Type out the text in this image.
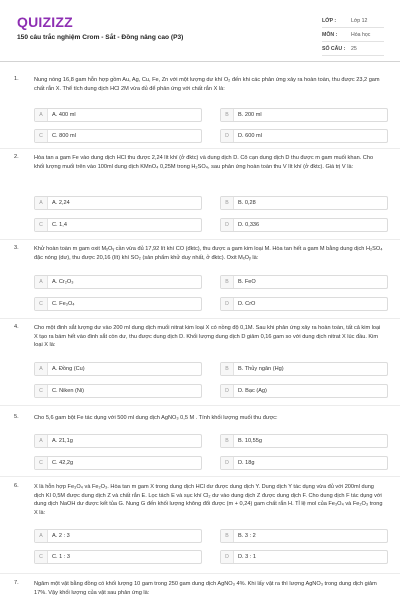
QUIZIZZ
150 câu trắc nghiệm Crom - Sắt - Đồng nâng cao (P3)
LỚP :	Lớp 12
MÔN :	Hóa học
SỐ CÂU :	25
1.	Nung nóng 16,8 gam hỗn hợp gồm Au, Ag, Cu, Fe, Zn với một lượng dư khí O₂ đến khi các phản ứng xảy ra hoàn toàn, thu được 23,2 gam chất rắn X. Thể tích dung dịch HCl 2M vừa đủ để phản ứng với chất rắn X là:
A	A. 400 ml	B	B. 200 ml
C	C. 800 ml	D	D. 600 ml
2.	Hòa tan a gam Fe vào dung dịch HCl thu được 2,24 lít khí (ở đktc) và dung dịch D. Cô cạn dung dịch D thu được m gam muối khan. Cho khối lượng muối trên vào 100ml dung dịch KMnO₄ 0,25M trong H₂SO₄, sau phản ứng hoàn toàn thu V lít khí (ở đktc). Giá trị V là:
A	A. 2,24	B	B. 0,28
C	C. 1,4	D	D. 0,336
3.	Khử hoàn toàn m gam oxit MₓOᵧ cần vừa đủ 17,92 lít khí CO (đktc), thu được a gam kim loại M. Hòa tan hết a gam M bằng dung dịch H₂SO₄ đặc nóng (dư), thu được 20,16 (lít) khí SO₂ (sản phẩm khử duy nhất, ở đktc). Oxit MₓOᵧ là:
A	A. Cr₂O₃	B	B. FeO
C	C. Fe₃O₄	D	D. CrO
4.	Cho một đinh sắt lượng dư vào 200 ml dung dịch muối nitrat kim loại X có nồng độ 0,1M. Sau khi phản ứng xảy ra hoàn toàn, tất cả kim loại X tạo ra bám hết vào đinh sắt còn dư, thu được dung dịch D. Khối lượng dung dịch D giảm 0,16 gam so với dung dịch nitrat X lúc đầu. Kim loại X là:
A	A. Đồng (Cu)	B	B. Thủy ngân (Hg)
C	C. Niken (Ni)	D	D. Bạc (Ag)
5.	Cho 5,6 gam bột Fe tác dụng với 500 ml dung dịch AgNO₃ 0,5 M . Tính khối lượng muối thu được:
A	A. 21,1g	B	B. 10,55g
C	C. 42,2g	D	D. 18g
6.	X là hỗn hợp Fe₃O₄ và Fe₂O₃. Hòa tan m gam X trong dung dịch HCl dư được dung dịch Y. Dung dịch Y tác dụng vừa đủ với 200ml dung dịch KI 0,5M được dung dịch Z và chất rắn E. Lọc tách E và sục khí Cl₂ dư vào dung dịch Z được dung dịch F. Cho dung dịch F tác dụng với dung dịch NaOH dư được kết tủa G. Nung G đến khối lượng không đổi được (m + 0,24) gam chất rắn H. Tỉ lệ mol của Fe₃O₄ và Fe₂O₃ trong X là:
A	A. 2 : 3	B	B. 3 : 2
C	C. 1 : 3	D	D. 3 : 1
7.	Ngâm một vật bằng đồng có khối lượng 10 gam trong 250 gam dung dịch AgNO₃ 4%. Khi lấy vật ra thì lượng AgNO₃ trong dung dịch giảm 17%. Vậy khối lượng của vật sau phản ứng là:
